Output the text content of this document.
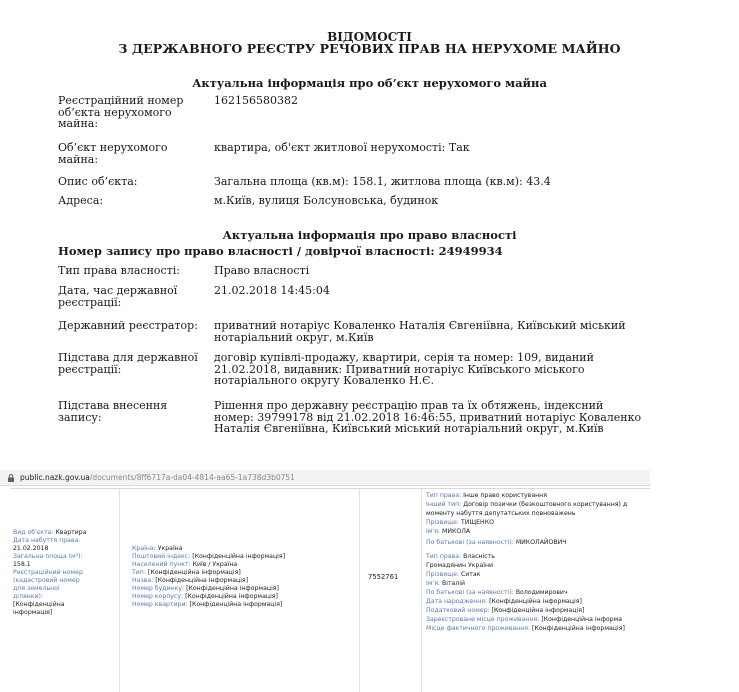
ВІДОМОСТІ
З ДЕРЖАВНОГО РЕЄСТРУ РЕЧОВИХ ПРАВ НА НЕРУХОМЕ МАЙНО
Актуальна інформація про об’єкт нерухомого майна
Реєстраційний номер об’єкта нерухомого майна:
162156580382
Об’єкт нерухомого майна:
квартира, об'єкт житлової нерухомості: Так
Опис об’єкта:	Загальна площа (кв.м): 158.1, житлова площа (кв.м): 43.4
Адреса:	м.Київ, вулиця Болсуновська, будинок
Актуальна інформація про право власності
Номер запису про право власності / довірчої власності: 24949934
Тип права власності:	Право власності
Дата, час державної реєстрації:
21.02.2018 14:45:04
Державний реєстратор: приватний нотаріус Коваленко Наталія Євгеніївна, Київський міський нотаріальний округ, м.Київ
Підстава для державної реєстрації:
договір купівлі-продажу, квартири, серія та номер: 109, виданий 21.02.2018, видавник: Приватний нотаріус Київського міського нотаріального округу Коваленко Н.Є.
Підстава внесення запису:
Рішення про державну реєстрацію прав та їх обтяжень, індексний номер: 39799178 від 21.02.2018 16:46:55, приватний нотаріус Коваленко Наталія Євгеніївна, Київський міський нотаріальний округ, м.Київ
public.nazk.gov.ua/documents/8ff6717a-da04-4814-aa65-1a738d3b0751
Вид об'єкта: Квартира
Дата набуття права:
21.02.2018
Загальна площа (м²):
158.1
Реєстраційний номер
(кадастровий номер
для земельної
ділянки):
[Конфіденційна
інформація]
Країна: Україна
Поштовий індекс: [Конфіденційна інформація]
Населений пункт: Київ / Україна
Тип: [Конфіденційна інформація]
Назва: [Конфіденційна інформація]
Номер будинку: [Конфіденційна інформація]
Номер корпусу: [Конфіденційна інформація]
Номер квартири: [Конфіденційна інформація]
7552761
Тип права: Інше право користування
Інший тип: Договір позички (безкоштовного користування) д
моменту набуття депутатських повноважень
Прізвище: ТИЩЕНКО
Ім'я: МИКОЛА
По батькові (за наявності): МИКОЛАЙОВИЧ
Тип права: Власність
Громадянин України
Прізвище: Ситак
Ім'я: Віталій
По батькові (за наявності): Володимирович
Дата народження: [Конфіденційна інформація]
Податковий номер: [Конфіденційна інформація]
Зареєстроване місце проживання: [Конфіденційна інформа
Місце фактичного проживання: [Конфіденційна інформація]
